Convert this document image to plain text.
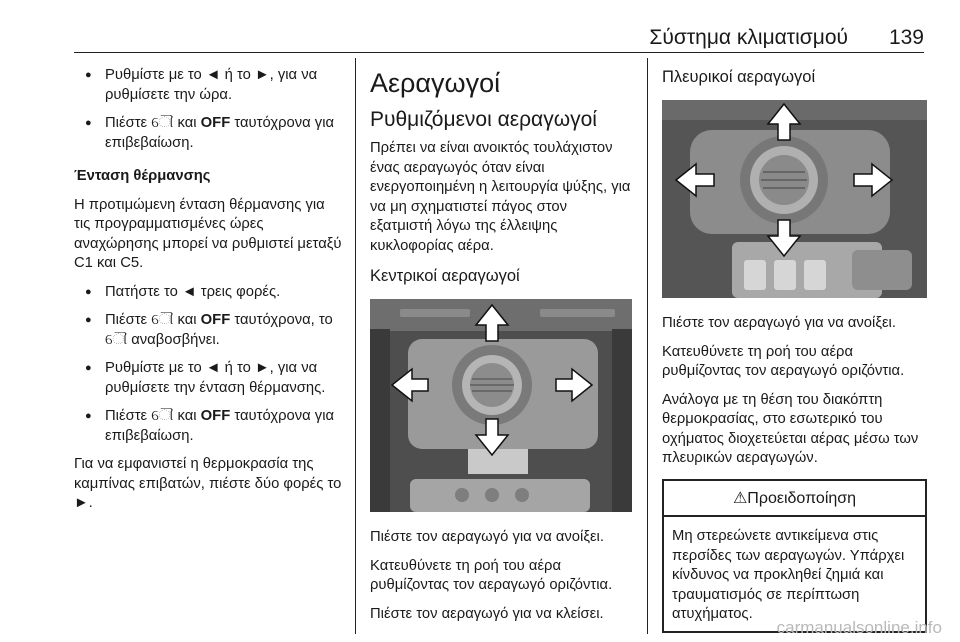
Σύστημα κλιματισμού 139
● Ρυθμίστε με το ◄ ή το ►, για να ρυθμίσετε την ώρα.
● Πιέστε ୌ και OFF ταυτόχρονα για επιβεβαίωση.

Ένταση θέρμανσης

Η προτιμώμενη ένταση θέρμανσης για τις προγραμματισμένες ώρες αναχώρησης μπορεί να ρυθμιστεί μεταξύ C1 και C5.

● Πατήστε το ◄ τρεις φορές.
● Πιέστε ୌ και OFF ταυτόχρονα, το ୌ αναβοσβήνει.
● Ρυθμίστε με το ◄ ή το ►, για να ρυθμίσετε την ένταση θέρμανσης.
● Πιέστε ୌ και OFF ταυτόχρονα για επιβεβαίωση.

Για να εμφανιστεί η θερμοκρασία της καμπίνας επιβατών, πιέστε δύο φορές το ►.

Αεραγωγοί
Ρυθμιζόμενοι αεραγωγοί

Πρέπει να είναι ανοικτός τουλάχιστον ένας αεραγωγός όταν είναι ενεργοποιημένη η λειτουργία ψύξης, για να μη σχηματιστεί πάγος στον εξατμιστή λόγω της έλλειψης κυκλοφορίας αέρα.

Κεντρικοί αεραγωγοί

Πιέστε τον αεραγωγό για να ανοίξει.

Κατευθύνετε τη ροή του αέρα ρυθμίζοντας τον αεραγωγό οριζόντια.

Πιέστε τον αεραγωγό για να κλείσει.

Πλευρικοί αεραγωγοί

Πιέστε τον αεραγωγό για να ανοίξει.

Κατευθύνετε τη ροή του αέρα ρυθμίζοντας τον αεραγωγό οριζόντια.

Ανάλογα με τη θέση του διακόπτη θερμοκρασίας, στο εσωτερικό του οχήματος διοχετεύεται αέρας μέσω των πλευρικών αεραγωγών.

⚠Προειδοποίηση
Μη στερεώνετε αντικείμενα στις περσίδες των αεραγωγών. Υπάρχει κίνδυνος να προκληθεί ζημιά και τραυματισμός σε περίπτωση ατυχήματος.
carmanualsonline.info
